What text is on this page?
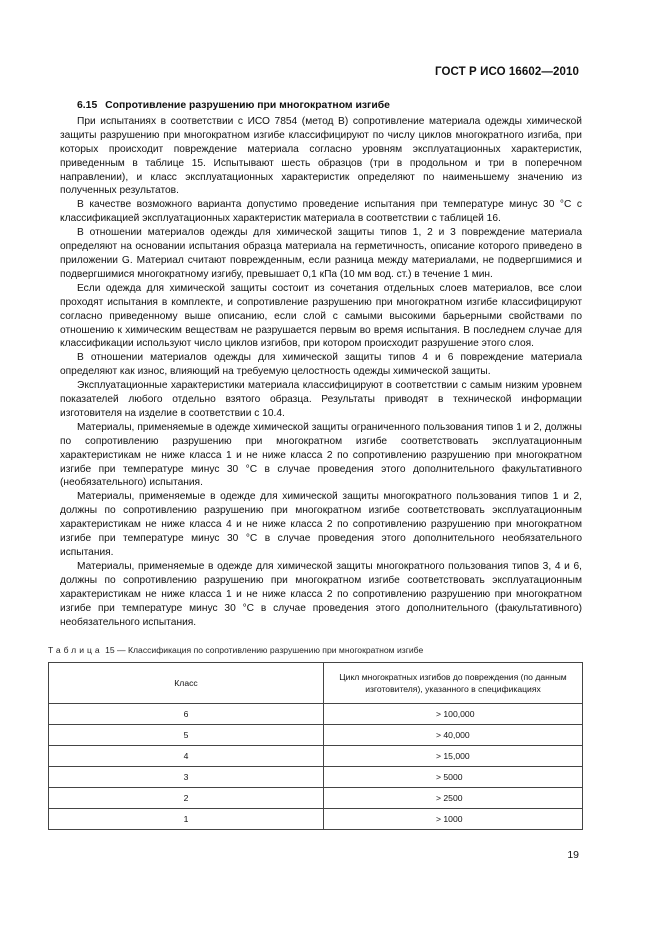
ГОСТ Р ИСО 16602—2010
6.15 Сопротивление разрушению при многократном изгибе

При испытаниях в соответствии с ИСО 7854 (метод В) сопротивление материала одежды химической защиты разрушению при многократном изгибе классифицируют по числу циклов многократного изгиба, при которых происходит повреждение материала согласно уровням эксплуатационных характеристик, приведенным в таблице 15. Испытывают шесть образцов (три в продольном и три в поперечном направлении), и класс эксплуатационных характеристик определяют по наименьшему значению из полученных результатов.

В качестве возможного варианта допустимо проведение испытания при температуре минус 30 °С с классификацией эксплуатационных характеристик материала в соответствии с таблицей 16.

В отношении материалов одежды для химической защиты типов 1, 2 и 3 повреждение материала определяют на основании испытания образца материала на герметичность, описание которого приведено в приложении G. Материал считают поврежденным, если разница между материалами, не подвергшимися и подвергшимися многократному изгибу, превышает 0,1 кПа (10 мм вод. ст.) в течение 1 мин.

Если одежда для химической защиты состоит из сочетания отдельных слоев материалов, все слои проходят испытания в комплекте, и сопротивление разрушению при многократном изгибе классифицируют согласно приведенному выше описанию, если слой с самыми высокими барьерными свойствами по отношению к химическим веществам не разрушается первым во время испытания. В последнем случае для классификации используют число циклов изгибов, при котором происходит разрушение этого слоя.

В отношении материалов одежды для химической защиты типов 4 и 6 повреждение материала определяют как износ, влияющий на требуемую целостность одежды химической защиты.

Эксплуатационные характеристики материала классифицируют в соответствии с самым низким уровнем показателей любого отдельно взятого образца. Результаты приводят в технической информации изготовителя на изделие в соответствии с 10.4.

Материалы, применяемые в одежде химической защиты ограниченного пользования типов 1 и 2, должны по сопротивлению разрушению при многократном изгибе соответствовать эксплуатационным характеристикам не ниже класса 1 и не ниже класса 2 по сопротивлению разрушению при многократном изгибе при температуре минус 30 °С в случае проведения этого дополнительного факультативного (необязательного) испытания.

Материалы, применяемые в одежде для химической защиты многократного пользования типов 1 и 2, должны по сопротивлению разрушению при многократном изгибе соответствовать эксплуатационным характеристикам не ниже класса 4 и не ниже класса 2 по сопротивлению разрушению при многократном изгибе при температуре минус 30 °С в случае проведения этого дополнительного необязательного испытания.

Материалы, применяемые в одежде для химической защиты многократного пользования типов 3, 4 и 6, должны по сопротивлению разрушению при многократном изгибе соответствовать эксплуатационным характеристикам не ниже класса 1 и не ниже класса 2 по сопротивлению разрушению при многократном изгибе при температуре минус 30 °С в случае проведения этого дополнительного (факультативного) необязательного испытания.

Таблица 15 — Классификация по сопротивлению разрушению при многократном изгибе
Класс	Цикл многократных изгибов до повреждения (по данным изготовителя), указанного в спецификациях
6	> 100,000
5	> 40,000
4	> 15,000
3	> 5000
2	> 2500
1	> 1000
19
